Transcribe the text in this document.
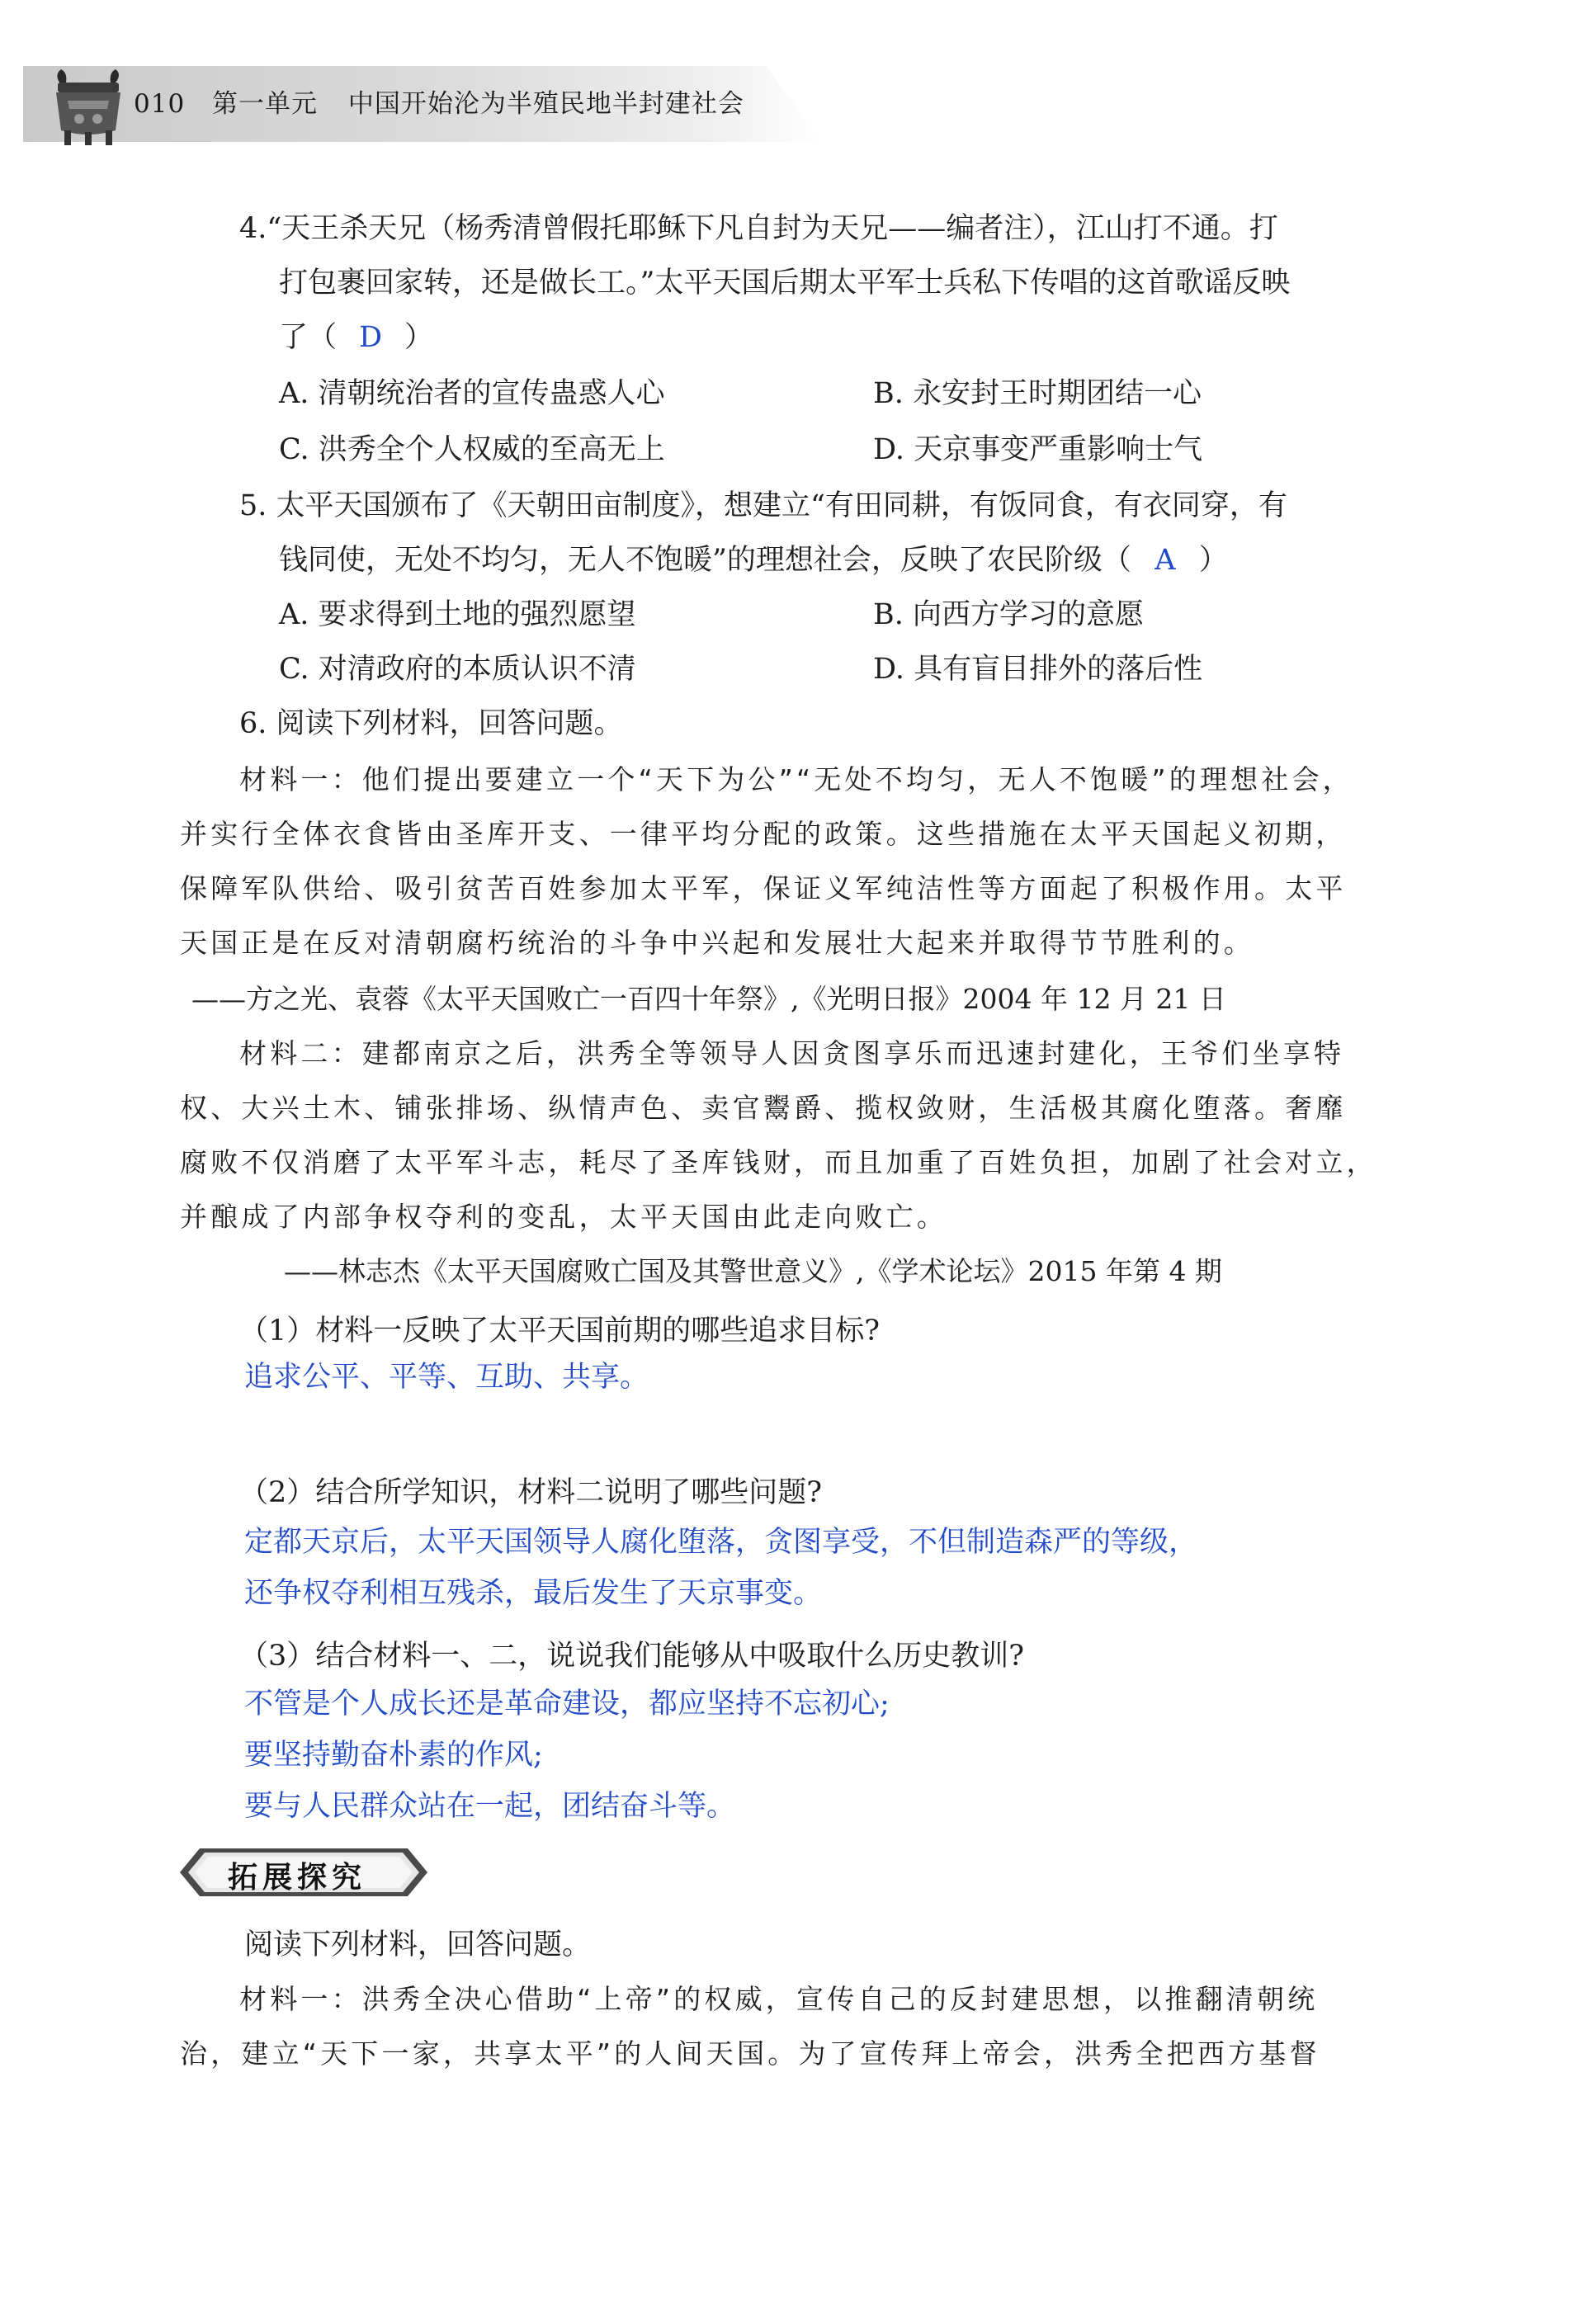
010 第一单元 中国开始沦为半殖民地半封建社会
4.“天王杀天兄（杨秀清曾假托耶稣下凡自封为天兄——编者注），江山打不通。打
打包裹回家转，还是做长工。”太平天国后期太平军士兵私下传唱的这首歌谣反映
了（ D ）
A. 清朝统治者的宣传蛊惑人心	B. 永安封王时期团结一心
C. 洪秀全个人权威的至高无上	D. 天京事变严重影响士气
5. 太平天国颁布了《天朝田亩制度》，想建立“有田同耕，有饭同食，有衣同穿，有
钱同使，无处不均匀，无人不饱暖”的理想社会，反映了农民阶级（ A ）
A. 要求得到土地的强烈愿望	B. 向西方学习的意愿
C. 对清政府的本质认识不清	D. 具有盲目排外的落后性
6. 阅读下列材料，回答问题。
材料一：他们提出要建立一个“天下为公”“无处不均匀，无人不饱暖”的理想社会，
并实行全体衣食皆由圣库开支、一律平均分配的政策。这些措施在太平天国起义初期，
保障军队供给、吸引贫苦百姓参加太平军，保证义军纯洁性等方面起了积极作用。太平
天国正是在反对清朝腐朽统治的斗争中兴起和发展壮大起来并取得节节胜利的。
——方之光、袁蓉《太平天国败亡一百四十年祭》,《光明日报》2004 年 12 月 21 日
材料二：建都南京之后，洪秀全等领导人因贪图享乐而迅速封建化，王爷们坐享特
权、大兴土木、铺张排场、纵情声色、卖官鬻爵、揽权敛财，生活极其腐化堕落。奢靡
腐败不仅消磨了太平军斗志，耗尽了圣库钱财，而且加重了百姓负担，加剧了社会对立，
并酿成了内部争权夺利的变乱，太平天国由此走向败亡。
——林志杰《太平天国腐败亡国及其警世意义》,《学术论坛》2015 年第 4 期
（1）材料一反映了太平天国前期的哪些追求目标?
追求公平、平等、互助、共享。
（2）结合所学知识，材料二说明了哪些问题?
定都天京后，太平天国领导人腐化堕落，贪图享受，不但制造森严的等级，
还争权夺利相互残杀，最后发生了天京事变。
（3）结合材料一、二，说说我们能够从中吸取什么历史教训?
不管是个人成长还是革命建设，都应坚持不忘初心;
要坚持勤奋朴素的作风;
要与人民群众站在一起，团结奋斗等。
拓展探究
阅读下列材料，回答问题。
材料一：洪秀全决心借助“上帝”的权威，宣传自己的反封建思想，以推翻清朝统
治，建立“天下一家，共享太平”的人间天国。为了宣传拜上帝会，洪秀全把西方基督
